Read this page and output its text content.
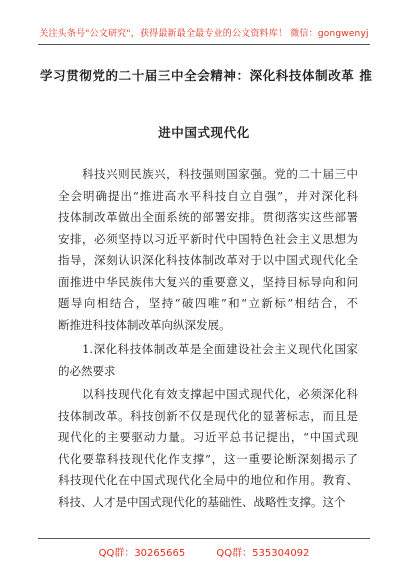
关注头条号"公文研究"，获得最新最全最专业的公文资料库！ 微信：gongwenyj
学习贯彻党的二十届三中全会精神：深化科技体制改革 推
进中国式现代化
　　科技兴则民族兴，科技强则国家强。党的二十届三中
全会明确提出“推进高水平科技自立自强”，并对深化科
技体制改革做出全面系统的部署安排。贯彻落实这些部署
安排，必须坚持以习近平新时代中国特色社会主义思想为
指导，深刻认识深化科技体制改革对于以中国式现代化全
面推进中华民族伟大复兴的重要意义，坚持目标导向和问
题导向相结合，坚持“破四唯”和“立新标”相结合，不
断推进科技体制改革向纵深发展。
　　1.深化科技体制改革是全面建设社会主义现代化国家
的必然要求
　　以科技现代化有效支撑起中国式现代化，必须深化科
技体制改革。科技创新不仅是现代化的显著标志，而且是
现代化的主要驱动力量。习近平总书记提出，“中国式现
代化要靠科技现代化作支撑”，这一重要论断深刻揭示了
科技现代化在中国式现代化全局中的地位和作用。教育、
科技、人才是中国式现代化的基础性、战略性支撑。这个
QQ群：30265665	QQ群：535304092
